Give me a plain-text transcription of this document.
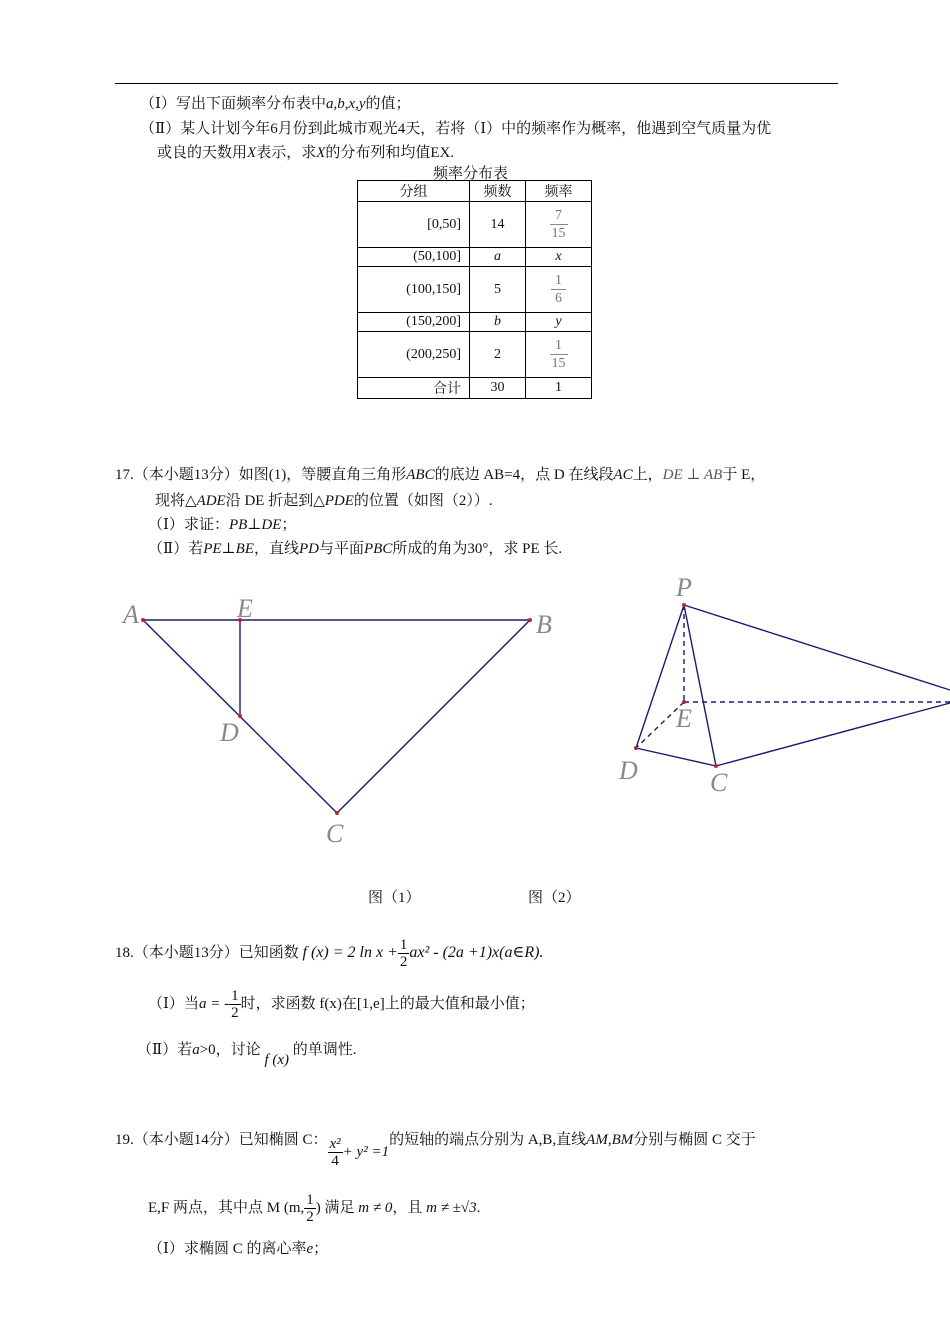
（Ⅰ）写出下面频率分布表中a,b,x,y的值；
（Ⅱ）某人计划今年6月份到此城市观光4天，若将（Ⅰ）中的频率作为概率，他遇到空气质量为优
或良的天数用X表示，求X的分布列和均值EX.
频率分布表
分组	频数	频率
[0,50]	14	$\frac{7}{15}$

(50,100]	a	x
(100,150]	5	$\frac{1}{6}$

(150,200]	b	y
(200,250]	2	$\frac{1}{15}$

合计	30	1
17.（本小题13分）如图(1)，等腰直角三角形ABC的底边 AB=4，点 D 在线段AC上，DE ⊥ AB于 E，
现将△ADE沿 DE 折起到△PDE的位置（如图（2））.
（Ⅰ）求证：PB⊥DE；
（Ⅱ）若PE⊥BE，直线PD与平面PBC所成的角为30°，求 PE 长.
A	E
B
D
C
P
E
D	C
图（1）	图（2）
18.（本小题13分）已知函数 f (x) = 2 $\ln x + \frac{1}{2} ax^2 - (2a$ +1)x(a∈R).
（Ⅰ）当a = - $\frac{1}{2}$ 时，求函数 f(x)在[1,e]上的最大值和最小值；
（Ⅱ）若a>0，讨论 f (x) 的单调性.
19.（本小题14分）已知椭圆 C： $\frac{\text{x²}}{4} + y^2 =1$的短轴的端点分别为 A,B,直线AM,BM分别与椭圆 C 交于
E,F 两点，其中点 M (m, $\frac{1}{2}$ ) 满足 m ≠ 0，且 m ≠ ±√3.
（Ⅰ）求椭圆 C 的离心率e；
